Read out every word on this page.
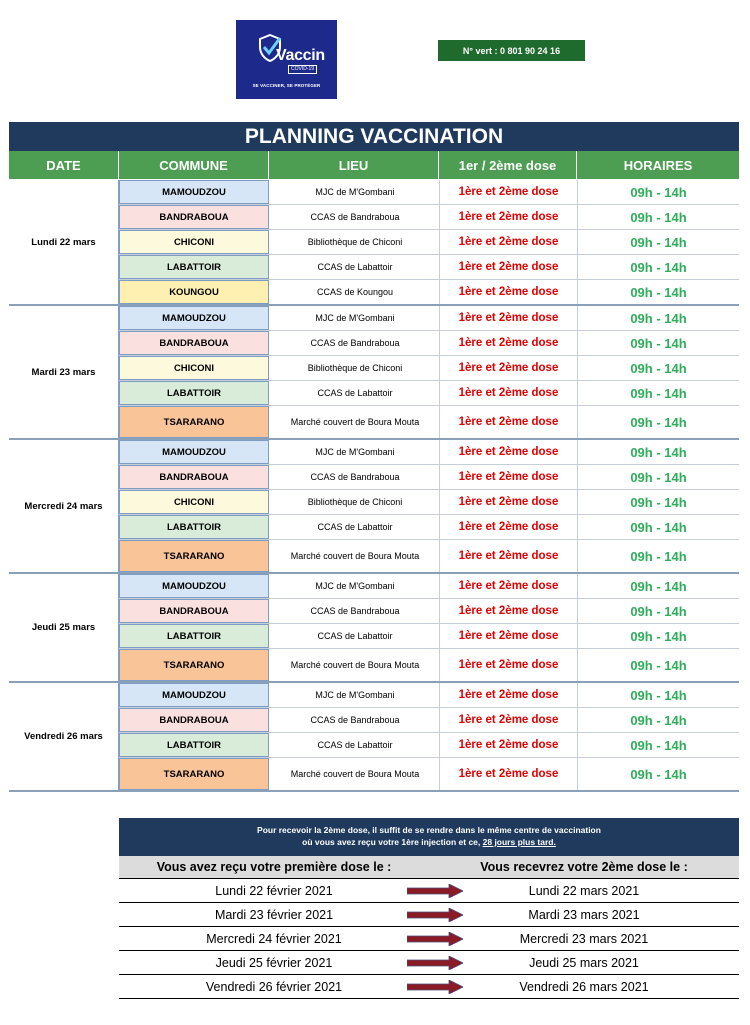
Vaccin
COVID-19
SE VACCINER, SE PROTÉGER
N° vert : 0 801 90 24 16
PLANNING VACCINATION
DATE	COMMUNE	LIEU	1er / 2ème dose	HORAIRES
Lundi 22 mars
MAMOUDZOU	MJC de M'Gombani	1ère et 2ème dose	09h - 14h
BANDRABOUA	CCAS de Bandraboua	1ère et 2ème dose	09h - 14h
CHICONI	Bibliothèque de Chiconi	1ère et 2ème dose	09h - 14h
LABATTOIR	CCAS de Labattoir	1ère et 2ème dose	09h - 14h
KOUNGOU	CCAS de Koungou	1ère et 2ème dose	09h - 14h
Mardi 23 mars
MAMOUDZOU	MJC de M'Gombani	1ère et 2ème dose	09h - 14h
BANDRABOUA	CCAS de Bandraboua	1ère et 2ème dose	09h - 14h
CHICONI	Bibliothèque de Chiconi	1ère et 2ème dose	09h - 14h
LABATTOIR	CCAS de Labattoir	1ère et 2ème dose	09h - 14h
TSARARANO	Marché couvert de Boura Mouta	1ère et 2ème dose	09h - 14h
Mercredi 24 mars
MAMOUDZOU	MJC de M'Gombani	1ère et 2ème dose	09h - 14h
BANDRABOUA	CCAS de Bandraboua	1ère et 2ème dose	09h - 14h
CHICONI	Bibliothèque de Chiconi	1ère et 2ème dose	09h - 14h
LABATTOIR	CCAS de Labattoir	1ère et 2ème dose	09h - 14h
TSARARANO	Marché couvert de Boura Mouta	1ère et 2ème dose	09h - 14h
Jeudi 25 mars
MAMOUDZOU	MJC de M'Gombani	1ère et 2ème dose	09h - 14h
BANDRABOUA	CCAS de Bandraboua	1ère et 2ème dose	09h - 14h
LABATTOIR	CCAS de Labattoir	1ère et 2ème dose	09h - 14h
TSARARANO	Marché couvert de Boura Mouta	1ère et 2ème dose	09h - 14h
Vendredi 26 mars
MAMOUDZOU	MJC de M'Gombani	1ère et 2ème dose	09h - 14h
BANDRABOUA	CCAS de Bandraboua	1ère et 2ème dose	09h - 14h
LABATTOIR	CCAS de Labattoir	1ère et 2ème dose	09h - 14h
TSARARANO	Marché couvert de Boura Mouta	1ère et 2ème dose	09h - 14h
Pour recevoir la 2ème dose, il suffit de se rendre dans le même centre de vaccination
où vous avez reçu votre 1ère injection et ce, 28 jours plus tard.
Vous avez reçu votre première dose le :	Vous recevrez votre 2ème dose le :
Lundi 22 février 2021	Lundi 22 mars 2021
Mardi 23 février 2021	Mardi 23 mars 2021
Mercredi 24 février 2021	Mercredi 23 mars 2021
Jeudi 25 février 2021	Jeudi 25 mars 2021
Vendredi 26 février 2021	Vendredi 26 mars 2021
